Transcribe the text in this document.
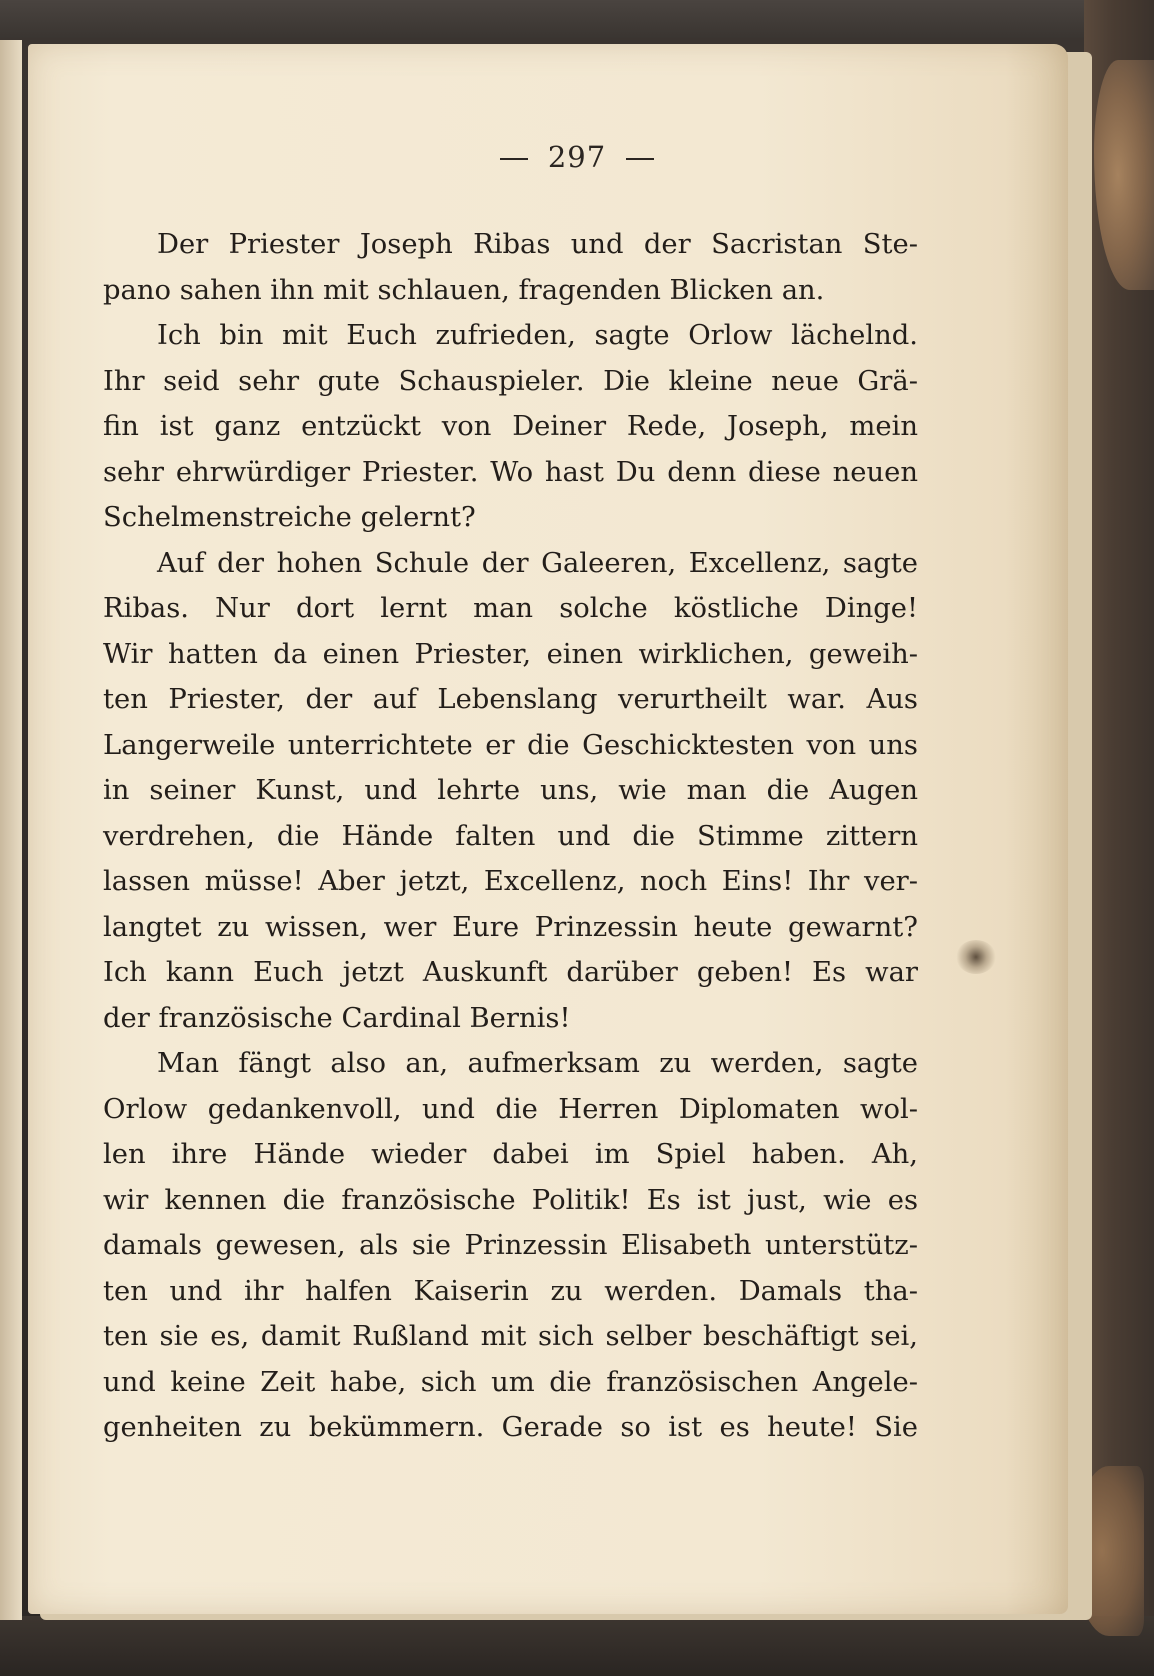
297
Der Priester Joseph Ribas und der Sacristan Ste-
pano sahen ihn mit schlauen, fragenden Blicken an.
Ich bin mit Euch zufrieden, sagte Orlow lächelnd.
Ihr seid sehr gute Schauspieler. Die kleine neue Grä-
fin ist ganz entzückt von Deiner Rede, Joseph, mein
sehr ehrwürdiger Priester. Wo hast Du denn diese neuen
Schelmenstreiche gelernt?
Auf der hohen Schule der Galeeren, Excellenz, sagte
Ribas. Nur dort lernt man solche köstliche Dinge!
Wir hatten da einen Priester, einen wirklichen, geweih-
ten Priester, der auf Lebenslang verurtheilt war. Aus
Langerweile unterrichtete er die Geschicktesten von uns
in seiner Kunst, und lehrte uns, wie man die Augen
verdrehen, die Hände falten und die Stimme zittern
lassen müsse! Aber jetzt, Excellenz, noch Eins! Ihr ver-
langtet zu wissen, wer Eure Prinzessin heute gewarnt?
Ich kann Euch jetzt Auskunft darüber geben! Es war
der französische Cardinal Bernis!
Man fängt also an, aufmerksam zu werden, sagte
Orlow gedankenvoll, und die Herren Diplomaten wol-
len ihre Hände wieder dabei im Spiel haben. Ah,
wir kennen die französische Politik! Es ist just, wie es
damals gewesen, als sie Prinzessin Elisabeth unterstütz-
ten und ihr halfen Kaiserin zu werden. Damals tha-
ten sie es, damit Rußland mit sich selber beschäftigt sei,
und keine Zeit habe, sich um die französischen Angele-
genheiten zu bekümmern. Gerade so ist es heute! Sie
